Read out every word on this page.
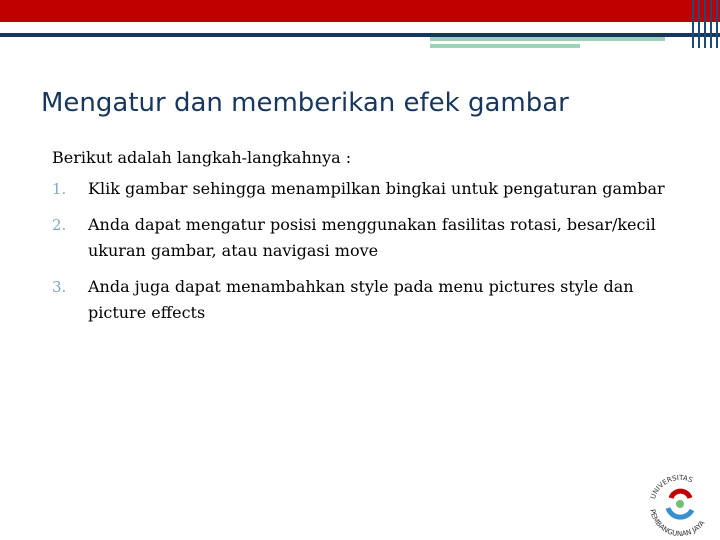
Mengatur dan memberikan efek gambar
Berikut adalah langkah-langkahnya :
1. Klik gambar sehingga menampilkan bingkai untuk pengaturan gambar
2. Anda dapat mengatur posisi menggunakan fasilitas rotasi, besar/kecil ukuran gambar, atau navigasi move
3. Anda juga dapat menambahkan style pada menu pictures style dan picture effects
UNIVERSITAS
PEMBANGUNAN JAYA
